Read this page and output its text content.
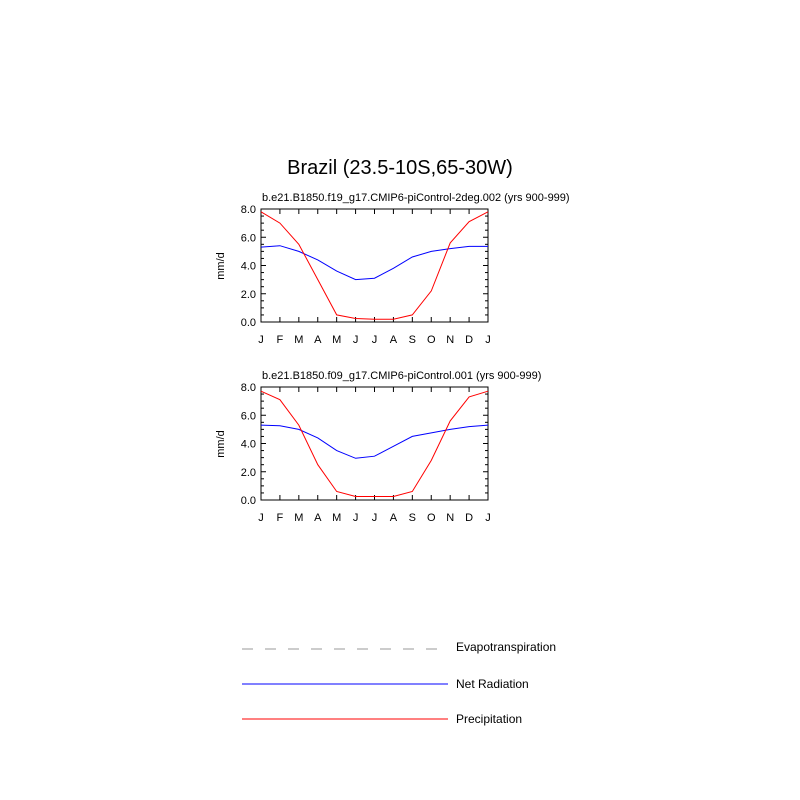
Brazil (23.5-10S,65-30W)
b.e21.B1850.f19_g17.CMIP6-piControl-2deg.002 (yrs 900-999)
mm/d
J F M A M J J A S O N D J
0.0
2.0
4.0
6.0
8.0
b.e21.B1850.f09_g17.CMIP6-piControl.001 (yrs 900-999)
mm/d
J F M A M J J A S O N D J
0.0
2.0
4.0
6.0
8.0
Evapotranspiration
Net Radiation
Precipitation
